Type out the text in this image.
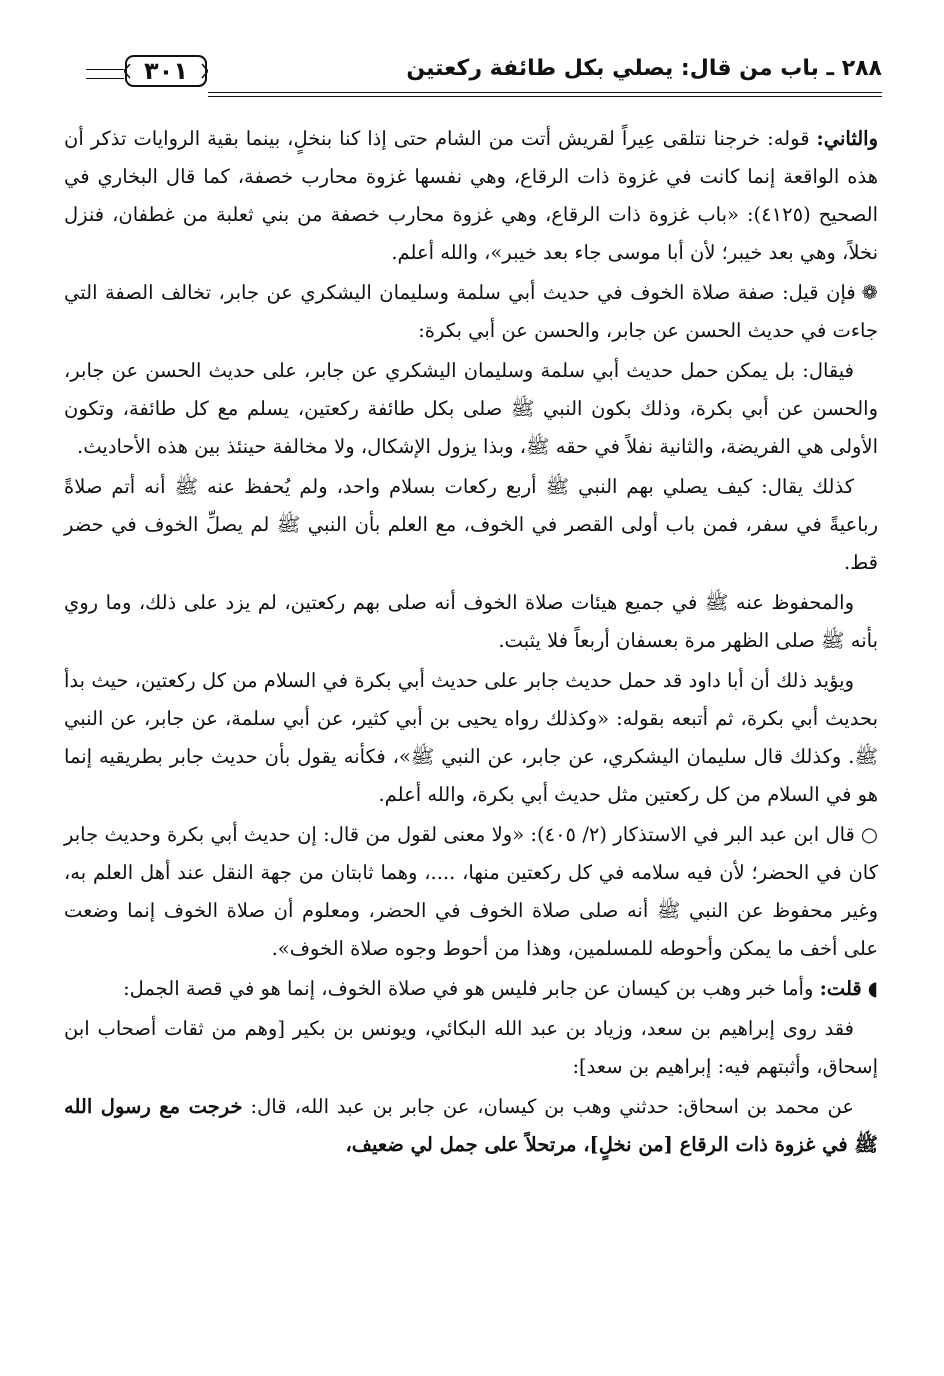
٢٨٨ ـ باب من قال: يصلي بكل طائفة ركعتين
٣٠١

والثاني: قوله: خرجنا نتلقى عِيراً لقريش أتت من الشام حتى إذا كنا بنخلٍ، بينما بقية الروايات تذكر أن هذه الواقعة إنما كانت في غزوة ذات الرقاع، وهي نفسها غزوة محارب خصفة، كما قال البخاري في الصحيح (٤١٢٥): «باب غزوة ذات الرقاع، وهي غزوة محارب خصفة من بني ثعلبة من غطفان، فنزل نخلاً، وهي بعد خيبر؛ لأن أبا موسى جاء بعد خيبر»، والله أعلم.

❁فإن قيل: صفة صلاة الخوف في حديث أبي سلمة وسليمان اليشكري عن جابر، تخالف الصفة التي جاءت في حديث الحسن عن جابر، والحسن عن أبي بكرة:

فيقال: بل يمكن حمل حديث أبي سلمة وسليمان اليشكري عن جابر، على حديث الحسن عن جابر، والحسن عن أبي بكرة، وذلك بكون النبي ﷺ صلى بكل طائفة ركعتين، يسلم مع كل طائفة، وتكون الأولى هي الفريضة، والثانية نفلاً في حقه ﷺ، وبذا يزول الإشكال، ولا مخالفة حينئذ بين هذه الأحاديث.

كذلك يقال: كيف يصلي بهم النبي ﷺ أربع ركعات بسلام واحد، ولم يُحفظ عنه ﷺ أنه أتم صلاةً رباعيةً في سفر، فمن باب أولى القصر في الخوف، مع العلم بأن النبي ﷺ لم يصلِّ الخوف في حضر قط.

والمحفوظ عنه ﷺ في جميع هيئات صلاة الخوف أنه صلى بهم ركعتين، لم يزد على ذلك، وما روي بأنه ﷺ صلى الظهر مرة بعسفان أربعاً فلا يثبت.

ويؤيد ذلك أن أبا داود قد حمل حديث جابر على حديث أبي بكرة في السلام من كل ركعتين، حيث بدأ بحديث أبي بكرة، ثم أتبعه بقوله: «وكذلك رواه يحيى بن أبي كثير، عن أبي سلمة، عن جابر، عن النبي ﷺ. وكذلك قال سليمان اليشكري، عن جابر، عن النبي ﷺ»، فكأنه يقول بأن حديث جابر بطريقيه إنما هو في السلام من كل ركعتين مثل حديث أبي بكرة، والله أعلم.

○قال ابن عبد البر في الاستذكار (٢/ ٤٠٥): «ولا معنى لقول من قال: إن حديث أبي بكرة وحديث جابر كان في الحضر؛ لأن فيه سلامه في كل ركعتين منها، ....، وهما ثابتان من جهة النقل عند أهل العلم به، وغير محفوظ عن النبي ﷺ أنه صلى صلاة الخوف في الحضر، ومعلوم أن صلاة الخوف إنما وضعت على أخف ما يمكن وأحوطه للمسلمين، وهذا من أحوط وجوه صلاة الخوف».

◖قلت: وأما خبر وهب بن كيسان عن جابر فليس هو في صلاة الخوف، إنما هو في قصة الجمل:

فقد روى إبراهيم بن سعد، وزياد بن عبد الله البكائي، ويونس بن بكير [وهم من ثقات أصحاب ابن إسحاق، وأثبتهم فيه: إبراهيم بن سعد]:

عن محمد بن اسحاق: حدثني وهب بن كيسان، عن جابر بن عبد الله، قال: خرجت مع رسول الله ﷺ في غزوة ذات الرقاع [من نخلٍ]، مرتحلاً على جمل لي ضعيف،
